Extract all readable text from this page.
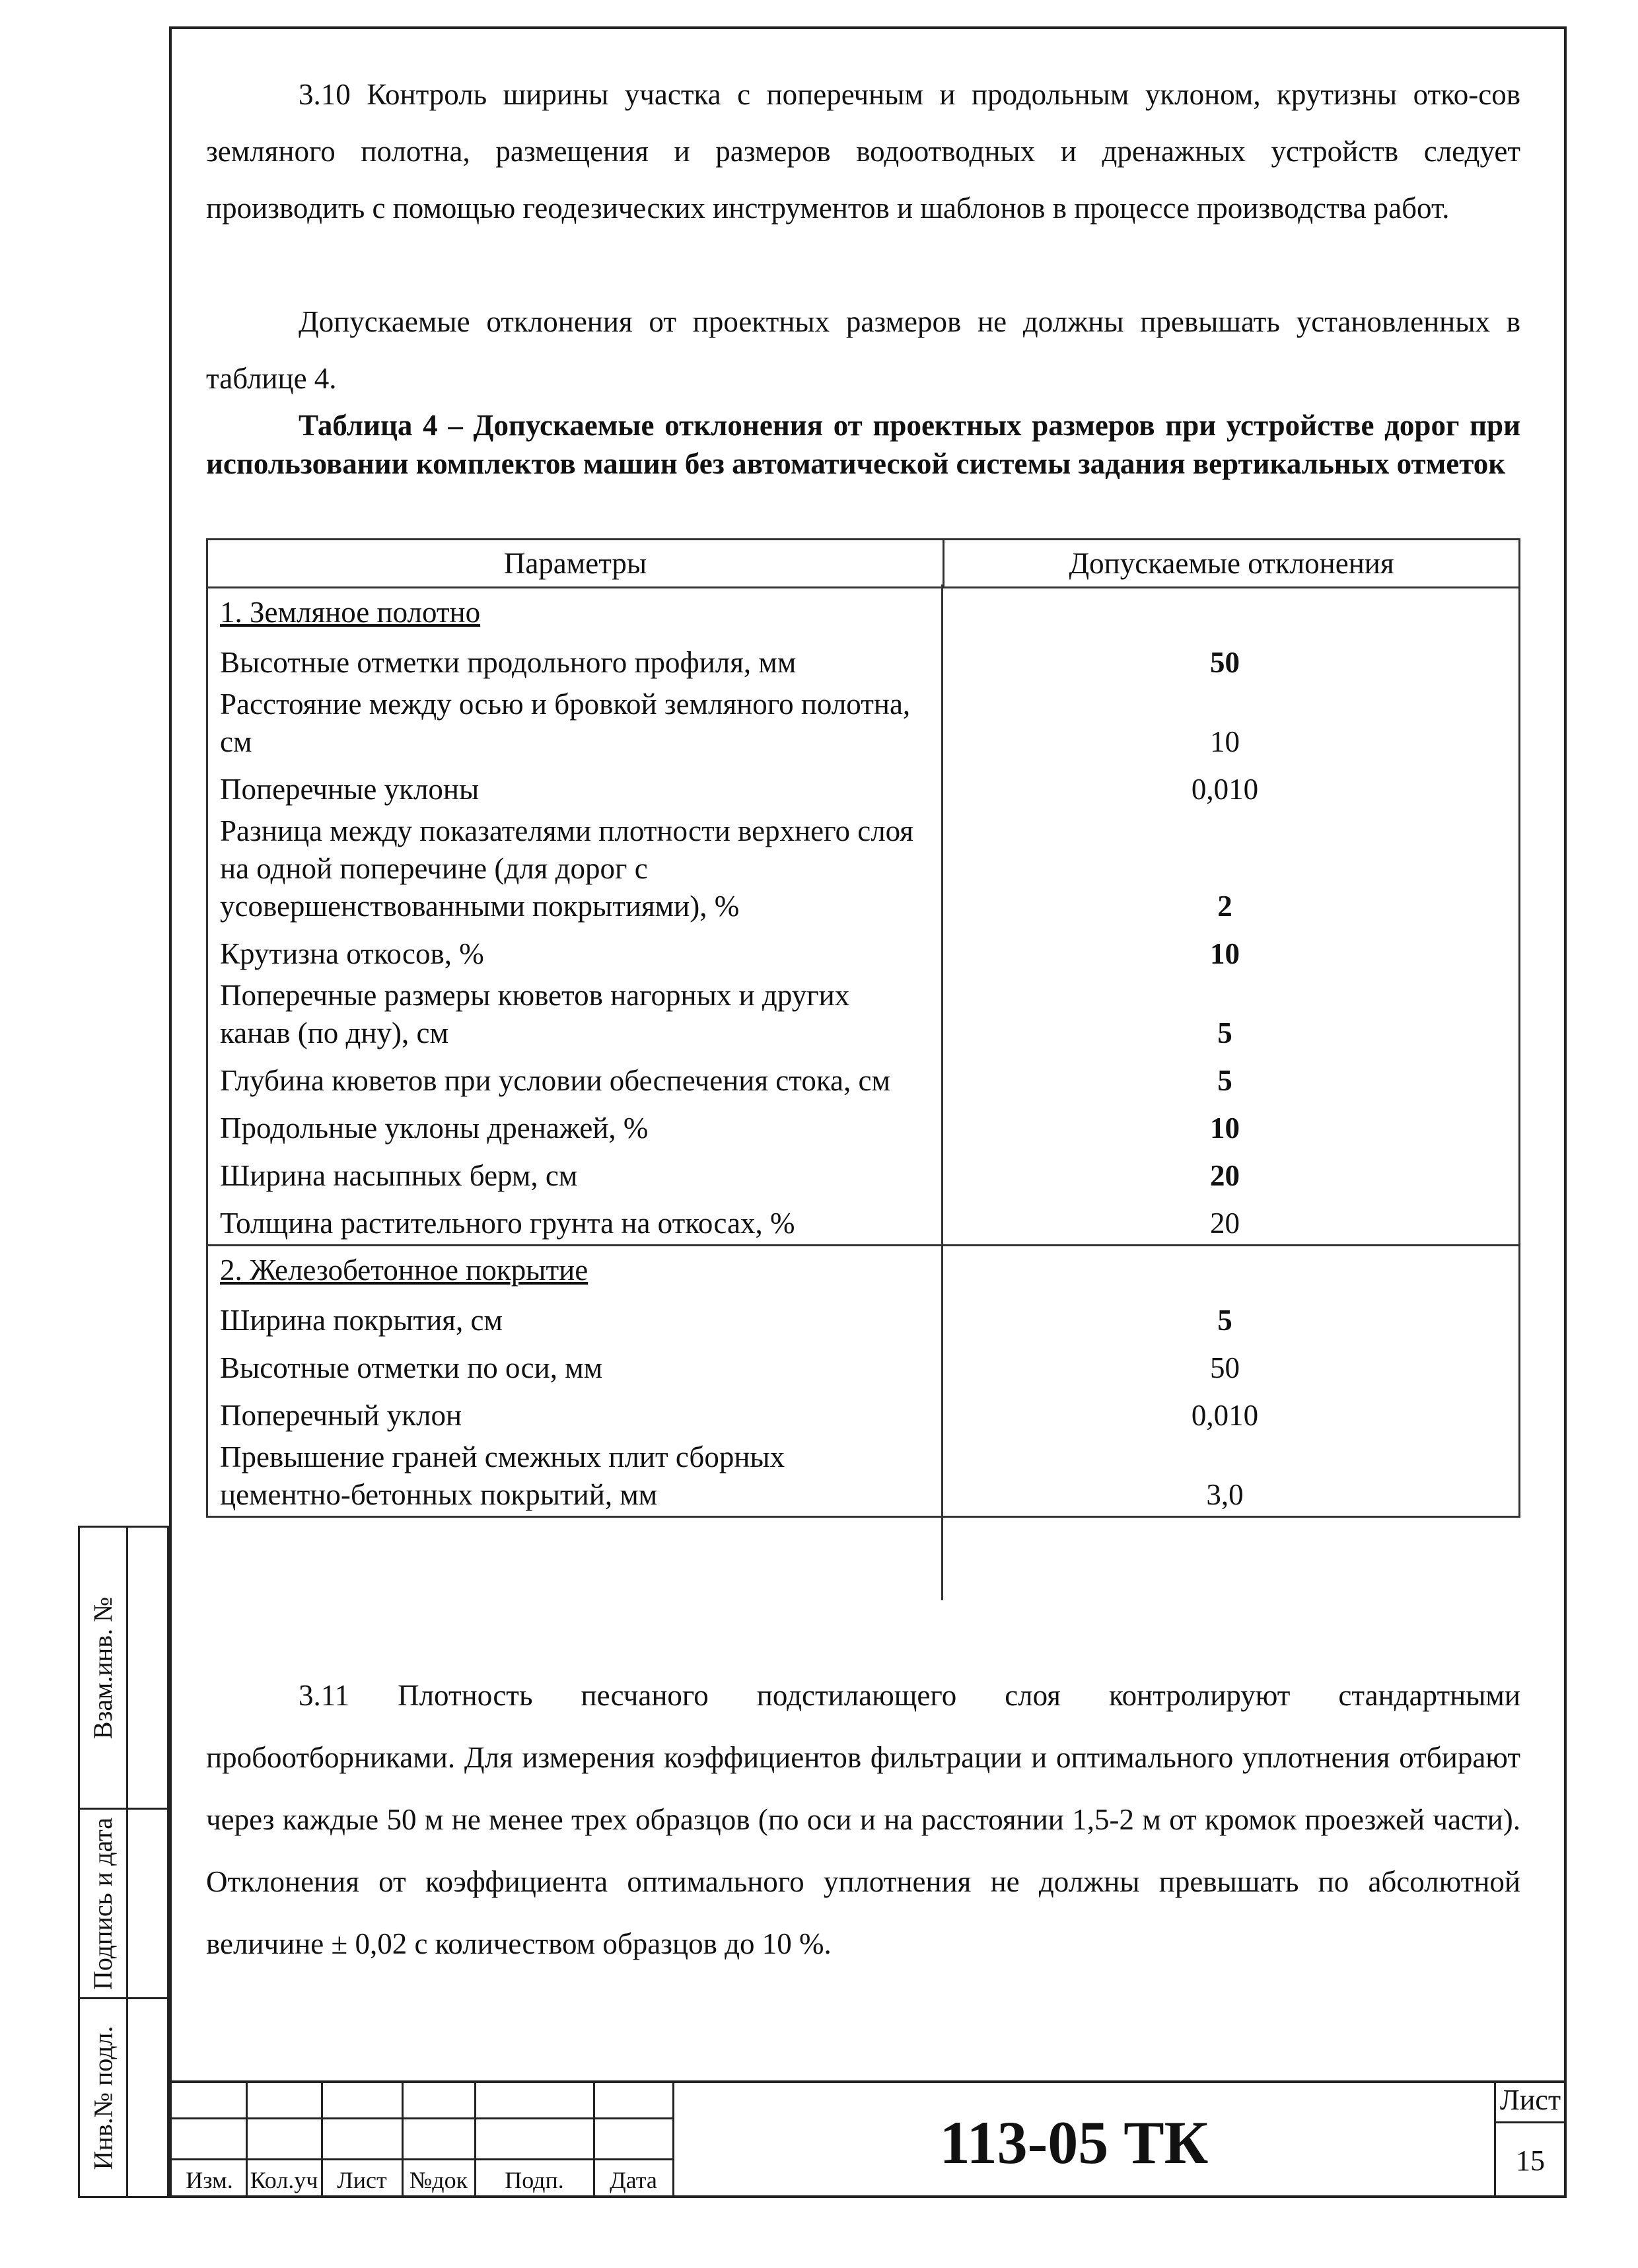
3.10 Контроль ширины участка с поперечным и продольным уклоном, крутизны отко-сов земляного полотна, размещения и размеров водоотводных и дренажных устройств следует производить с помощью геодезических инструментов и шаблонов в процессе производства работ.

Допускаемые отклонения от проектных размеров не должны превышать установленных в таблице 4.

Таблица 4 – Допускаемые отклонения от проектных размеров при устройстве дорог при использовании комплектов машин без автоматической системы задания вертикальных отметок

Параметры	Допускаемые отклонения

1. Земляное полотно
Высотные отметки продольного профиля, мм	50
Расстояние между осью и бровкой земляного полотна, см	10
Поперечные уклоны	0,010
Разница между показателями плотности верхнего слоя на одной поперечине (для дорог с усовершенствованными покрытиями), %	2
Крутизна откосов, %	10
Поперечные размеры кюветов нагорных и других канав (по дну), см	5
Глубина кюветов при условии обеспечения стока, см	5
Продольные уклоны дренажей, %	10
Ширина насыпных берм, см	20
Толщина растительного грунта на откосах, %	20

2. Железобетонное покрытие
Ширина покрытия, см	5
Высотные отметки по оси, мм	50
Поперечный уклон	0,010
Превышение граней смежных плит сборных цементно-бетонных покрытий, мм	3,0

3.11 Плотность песчаного подстилающего слоя контролируют стандартными пробоотборниками. Для измерения коэффициентов фильтрации и оптимального уплотнения отбирают через каждые 50 м не менее трех образцов (по оси и на расстоянии 1,5-2 м от кромок проезжей части). Отклонения от коэффициента оптимального уплотнения не должны превышать по абсолютной величине ± 0,02 с количеством образцов до 10 %.

Взам.инв. №
Подпись и дата
Инв.№ подл.
Изм. Кол.уч Лист №док	Подп.	Дата
113-05 ТК
Лист
15
